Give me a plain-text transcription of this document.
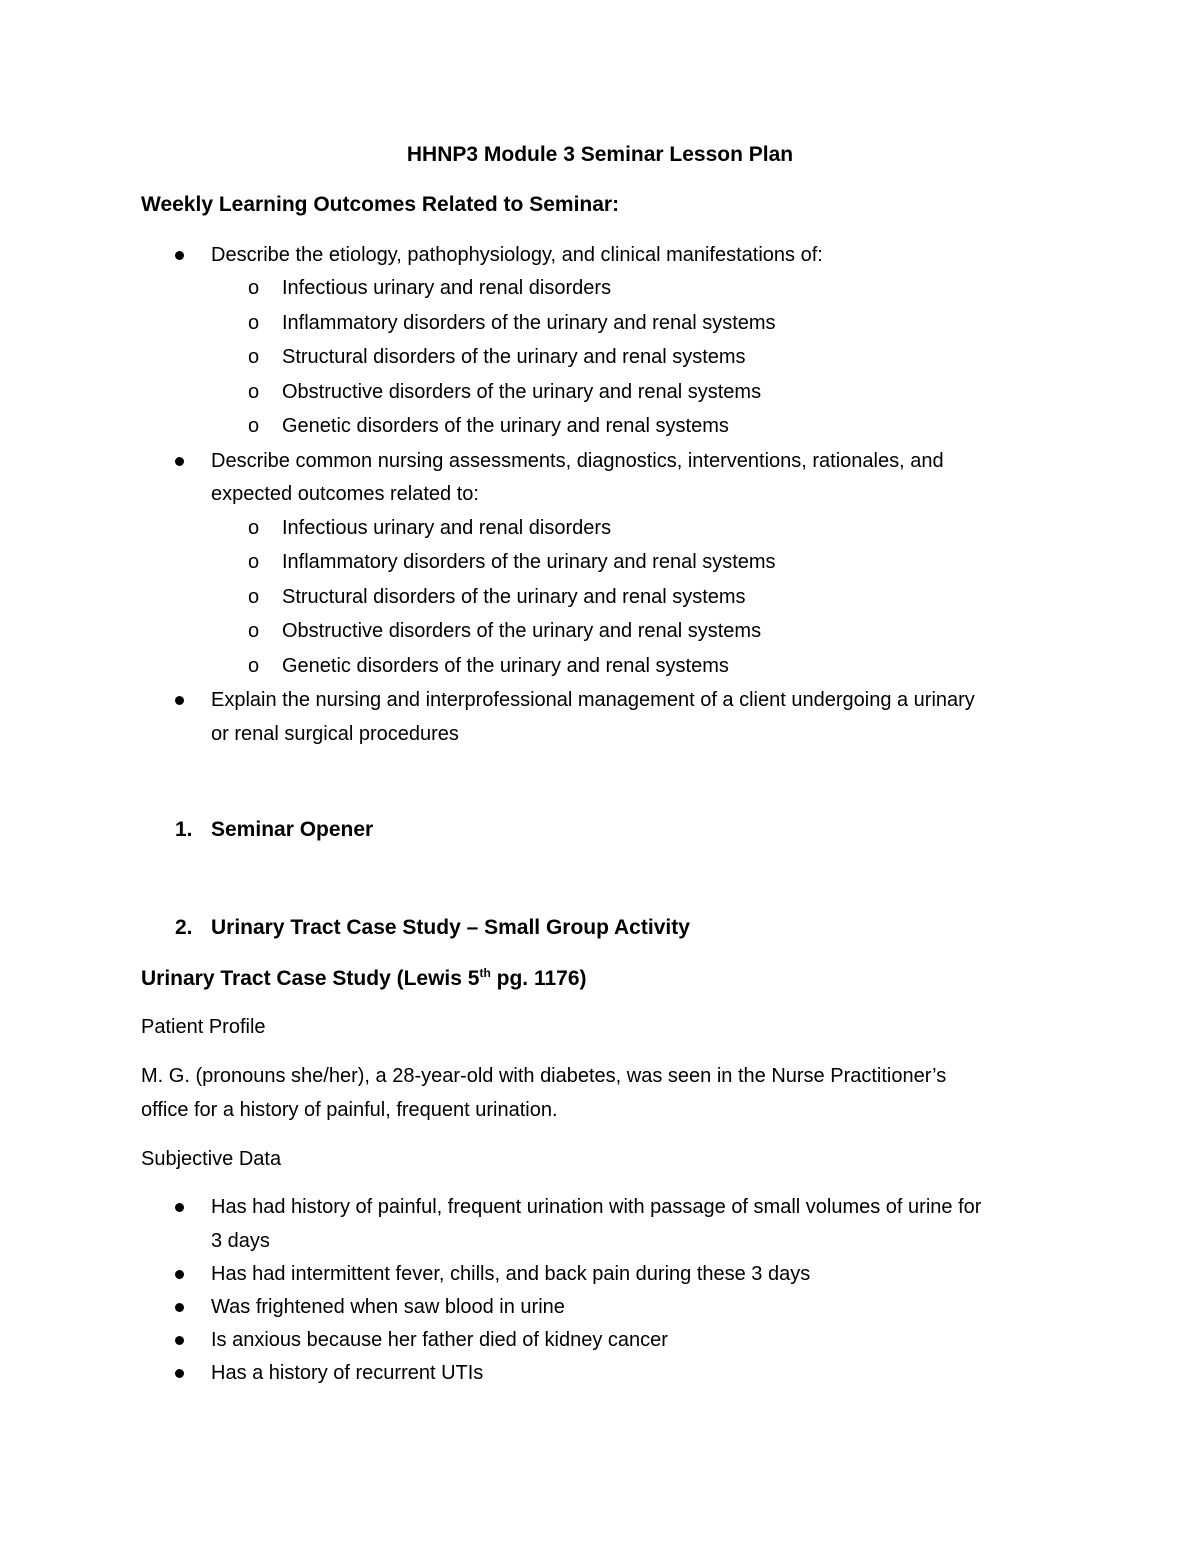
HHNP3 Module 3 Seminar Lesson Plan
Weekly Learning Outcomes Related to Seminar:
Describe the etiology, pathophysiology, and clinical manifestations of:
o Infectious urinary and renal disorders
o Inflammatory disorders of the urinary and renal systems
o Structural disorders of the urinary and renal systems
o Obstructive disorders of the urinary and renal systems
o Genetic disorders of the urinary and renal systems
Describe common nursing assessments, diagnostics, interventions, rationales, and
expected outcomes related to:
o Infectious urinary and renal disorders
o Inflammatory disorders of the urinary and renal systems
o Structural disorders of the urinary and renal systems
o Obstructive disorders of the urinary and renal systems
o Genetic disorders of the urinary and renal systems
Explain the nursing and interprofessional management of a client undergoing a urinary
or renal surgical procedures
1. Seminar Opener
2. Urinary Tract Case Study – Small Group Activity
Urinary Tract Case Study (Lewis 5th pg. 1176)
Patient Profile
M. G. (pronouns she/her), a 28-year-old with diabetes, was seen in the Nurse Practitioner’s
office for a history of painful, frequent urination.
Subjective Data
Has had history of painful, frequent urination with passage of small volumes of urine for
3 days
Has had intermittent fever, chills, and back pain during these 3 days
Was frightened when saw blood in urine
Is anxious because her father died of kidney cancer
Has a history of recurrent UTIs
